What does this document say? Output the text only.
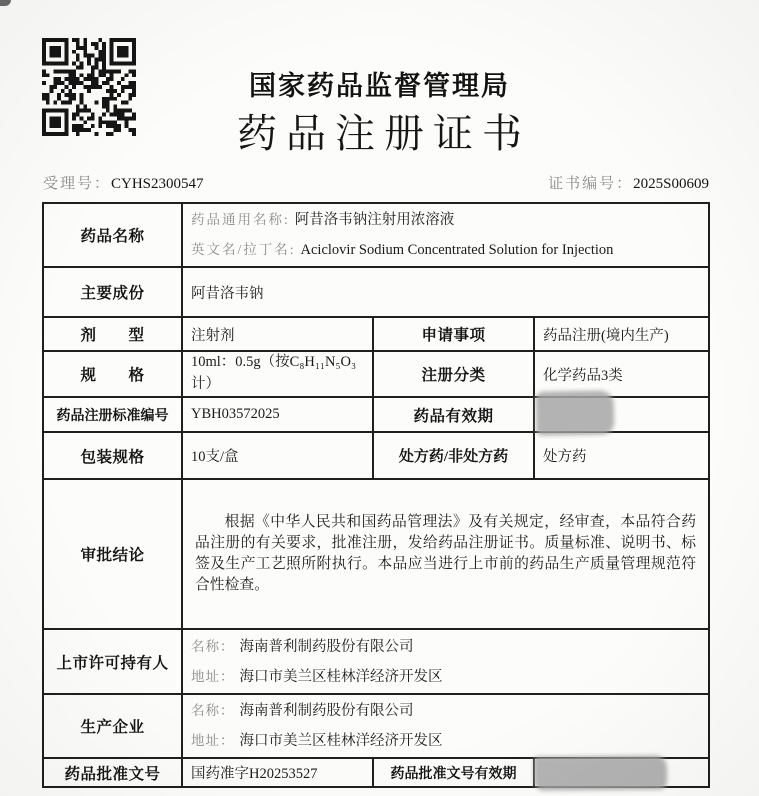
国家药品监督管理局
药品注册证书
受理号：CYHS2300547	证书编号：2025S00609
药品名称	药品通用名称: 阿昔洛韦钠注射用浓溶液
英文名/拉丁名: Aciclovir Sodium Concentrated Solution for Injection		

主要成份	阿昔洛韦钠		
剂　　型	注射剂	申请事项	药品注册(境内生产)
规　　格	10ml：0.5g（按C₈H₁₁N₅O₃计）	注册分类	化学药品3类
药品注册标准编号	YBH03572025	药品有效期	
包装规格	10支/盒	处方药/非处方药	处方药
审批结论	根据《中华人民共和国药品管理法》及有关规定，经审查，本品符合药品注册的有关要求，批准注册，发给药品注册证书。质量标准、说明书、标签及生产工艺照所附执行。本品应当进行上市前的药品生产质量管理规范符合性检查。		

上市许可持有人	名称： 海南普利制药股份有限公司
地址： 海口市美兰区桂林洋经济开发区		

生产企业	名称： 海南普利制药股份有限公司
地址： 海口市美兰区桂林洋经济开发区		

药品批准文号	国药准字H20253527	药品批准文号有效期	
